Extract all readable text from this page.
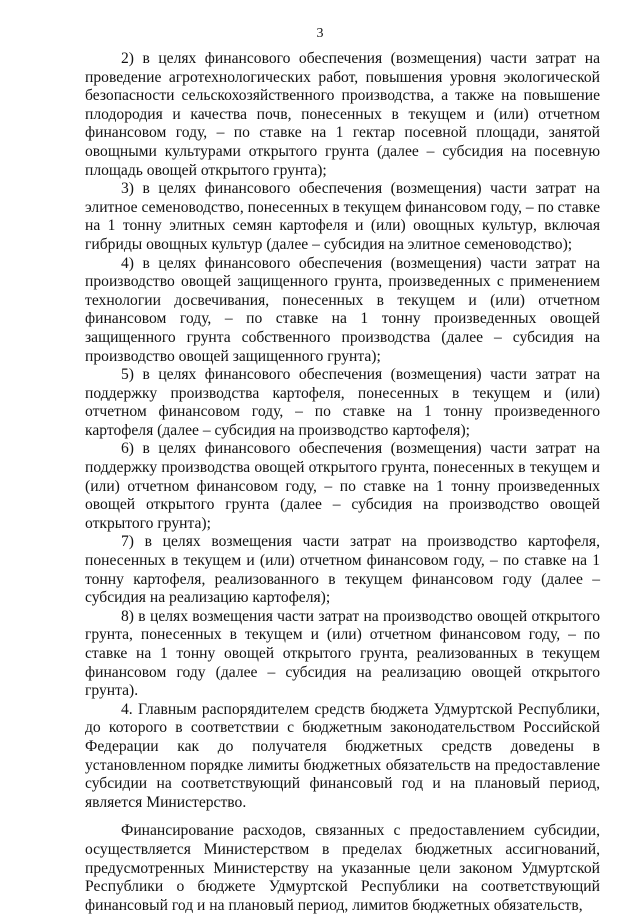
3

2) в целях финансового обеспечения (возмещения) части затрат на проведение агротехнологических работ, повышения уровня экологической безопасности сельскохозяйственного производства, а также на повышение плодородия и качества почв, понесенных в текущем и (или) отчетном финансовом году, – по ставке на 1 гектар посевной площади, занятой овощными культурами открытого грунта (далее – субсидия на посевную площадь овощей открытого грунта);

3) в целях финансового обеспечения (возмещения) части затрат на элитное семеноводство, понесенных в текущем финансовом году, – по ставке на 1 тонну элитных семян картофеля и (или) овощных культур, включая гибриды овощных культур (далее – субсидия на элитное семеноводство);

4) в целях финансового обеспечения (возмещения) части затрат на производство овощей защищенного грунта, произведенных с применением технологии досвечивания, понесенных в текущем и (или) отчетном финансовом году, – по ставке на 1 тонну произведенных овощей защищенного грунта собственного производства (далее – субсидия на производство овощей защищенного грунта);

5) в целях финансового обеспечения (возмещения) части затрат на поддержку производства картофеля, понесенных в текущем и (или) отчетном финансовом году, – по ставке на 1 тонну произведенного картофеля (далее – субсидия на производство картофеля);

6) в целях финансового обеспечения (возмещения) части затрат на поддержку производства овощей открытого грунта, понесенных в текущем и (или) отчетном финансовом году, – по ставке на 1 тонну произведенных овощей открытого грунта (далее – субсидия на производство овощей открытого грунта);

7) в целях возмещения части затрат на производство картофеля, понесенных в текущем и (или) отчетном финансовом году, – по ставке на 1 тонну картофеля, реализованного в текущем финансовом году (далее – субсидия на реализацию картофеля);

8) в целях возмещения части затрат на производство овощей открытого грунта, понесенных в текущем и (или) отчетном финансовом году, – по ставке на 1 тонну овощей открытого грунта, реализованных в текущем финансовом году (далее – субсидия на реализацию овощей открытого грунта).

4. Главным распорядителем средств бюджета Удмуртской Республики, до которого в соответствии с бюджетным законодательством Российской Федерации как до получателя бюджетных средств доведены в установленном порядке лимиты бюджетных обязательств на предоставление субсидии на соответствующий финансовый год и на плановый период, является Министерство.

Финансирование расходов, связанных с предоставлением субсидии, осуществляется Министерством в пределах бюджетных ассигнований, предусмотренных Министерству на указанные цели законом Удмуртской Республики о бюджете Удмуртской Республики на соответствующий финансовый год и на плановый период, лимитов бюджетных обязательств,
